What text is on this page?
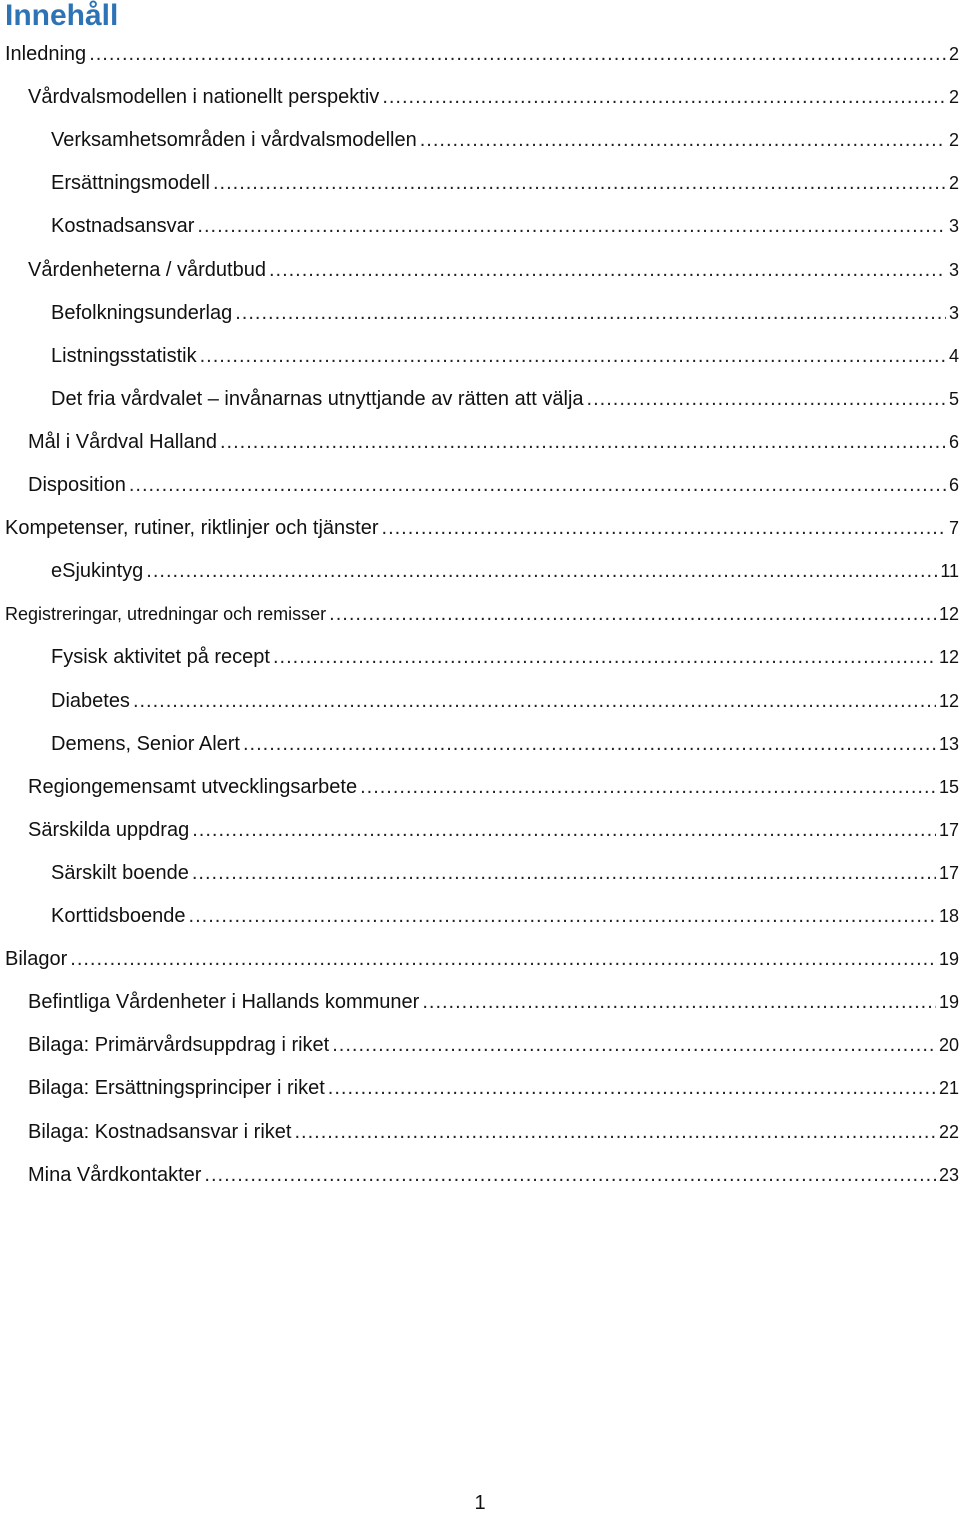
Innehåll
Inledning .....	2
Vårdvalsmodellen i nationellt perspektiv .....	2
Verksamhetsområden i vårdvalsmodellen .....	2
Ersättningsmodell .....	2
Kostnadsansvar .....	3
Vårdenheterna / vårdutbud .....	3
Befolkningsunderlag .....	3
Listningsstatistik .....	4
Det fria vårdvalet – invånarnas utnyttjande av rätten att välja .....	5
Mål i Vårdval Halland .....	6
Disposition .....	6
Kompetenser, rutiner, riktlinjer och tjänster .....	7
eSjukintyg .....	11
Registreringar, utredningar och remisser .....	12
Fysisk aktivitet på recept .....	12
Diabetes .....	12
Demens, Senior Alert .....	13
Regiongemensamt utvecklingsarbete .....	15
Särskilda uppdrag .....	17
Särskilt boende .....	17
Korttidsboende .....	18
Bilagor .....	19
Befintliga Vårdenheter i Hallands kommuner .....	19
Bilaga: Primärvårdsuppdrag i riket .....	20
Bilaga: Ersättningsprinciper i riket .....	21
Bilaga: Kostnadsansvar i riket .....	22
Mina Vårdkontakter .....	23
1
